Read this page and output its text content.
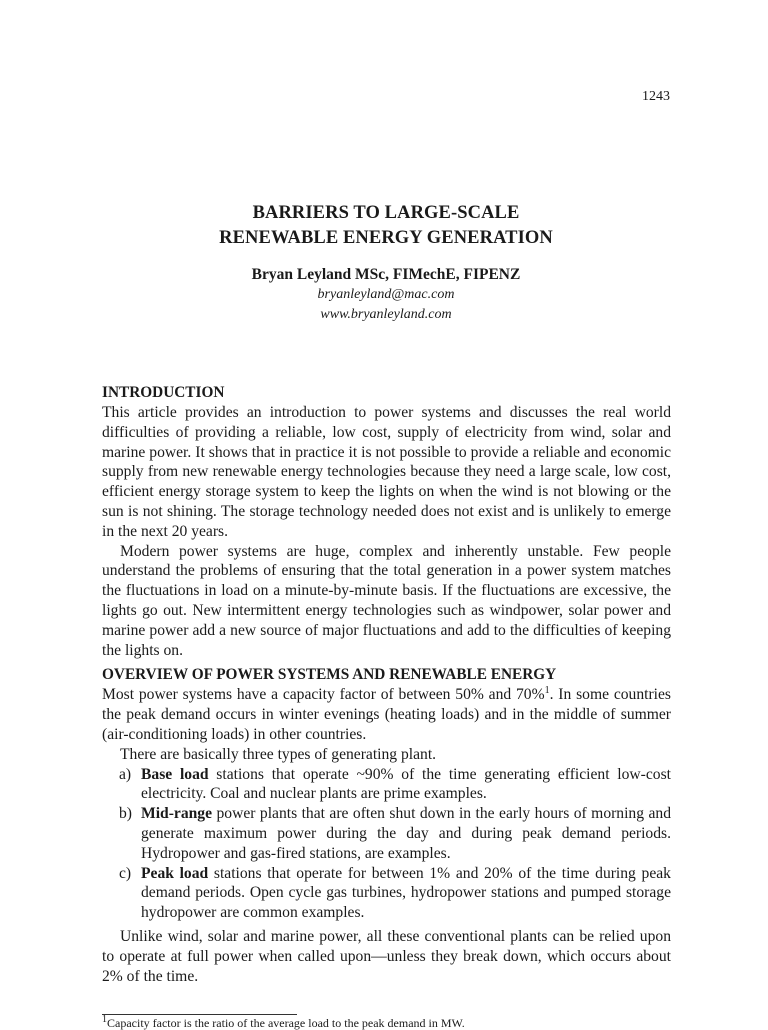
1243
BARRIERS TO LARGE-SCALE
RENEWABLE ENERGY GENERATION
Bryan Leyland MSc, FIMechE, FIPENZ
bryanleyland@mac.com
www.bryanleyland.com
INTRODUCTION

This article provides an introduction to power systems and discusses the real world difficulties of providing a reliable, low cost, supply of electricity from wind, solar and marine power. It shows that in practice it is not possible to provide a reliable and economic supply from new renewable energy technologies because they need a large scale, low cost, efficient energy storage system to keep the lights on when the wind is not blowing or the sun is not shining. The storage technology needed does not exist and is unlikely to emerge in the next 20 years.

Modern power systems are huge, complex and inherently unstable. Few people understand the problems of ensuring that the total generation in a power system matches the fluctuations in load on a minute-by-minute basis. If the fluctuations are excessive, the lights go out. New intermittent energy technologies such as windpower, solar power and marine power add a new source of major fluctuations and add to the difficulties of keeping the lights on.

OVERVIEW OF POWER SYSTEMS AND RENEWABLE ENERGY

Most power systems have a capacity factor of between 50% and 70%$^1$. In some countries the peak demand occurs in winter evenings (heating loads) and in the middle of summer (air-conditioning loads) in other countries.

There are basically three types of generating plant.

a) Base load stations that operate ~90% of the time generating efficient low-cost electricity. Coal and nuclear plants are prime examples.
b) Mid-range power plants that are often shut down in the early hours of morning and generate maximum power during the day and during peak demand periods. Hydropower and gas-fired stations, are examples.
c) Peak load stations that operate for between 1% and 20% of the time during peak demand periods. Open cycle gas turbines, hydropower stations and pumped storage hydropower are common examples.

Unlike wind, solar and marine power, all these conventional plants can be relied upon to operate at full power when called upon—unless they break down, which occurs about 2% of the time.

$^1$Capacity factor is the ratio of the average load to the peak demand in MW.
